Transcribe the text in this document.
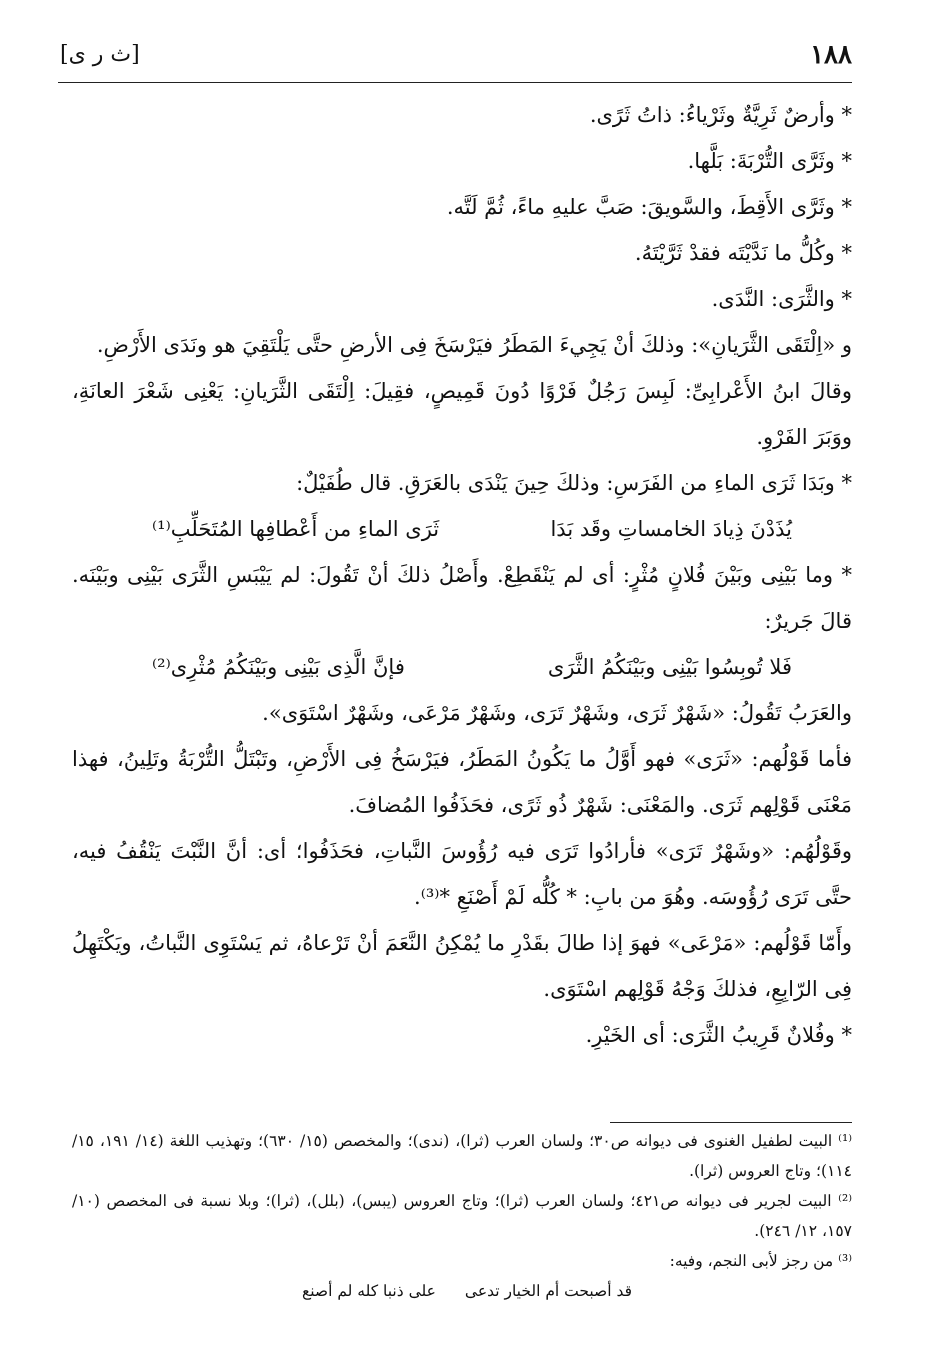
١٨٨
[ث ر ى]

* وأرضٌ ثَرِيَّةٌ وثَرْياءُ: ذاتُ ثَرًى.

* وثَرَّى التُّرْبَةَ: بَلَّها.

* وثَرَّى الأَقِطَ، والسَّويقَ: صَبَّ عليهِ ماءً، ثُمَّ لَتَّه.

* وكُلُّ ما نَدَّيْتَه فقدْ ثَرَّيْتَهُ.

* والثَّرَى: النَّدَى.

و «اِلْتَقَى الثَّرَيانِ»: وذلكَ أنْ يَجِيءَ المَطَرُ فيَرْسَخَ فِى الأرضِ حتَّى يَلْتَقِيَ هو ونَدَى الأَرْضِ.

وقالَ ابنُ الأَعْرابِىِّ: لَبِسَ رَجُلٌ فَرْوًا دُونَ قَمِيصٍ، فقِيلَ: اِلْتَقَى الثَّرَيانِ: يَعْنِى شَعْرَ العانَةِ، ووَبَرَ الفَرْوِ.

* وبَدَا ثَرَى الماءِ من الفَرَسِ: وذلكَ حِينَ يَنْدَى بالعَرَقِ. قال طُفَيْلٌ:

يُذَدْنَ ذِيادَ الخامساتِ وقَد بَدَا
ثَرَى الماءِ من أَعْطافِها المُتَحَلِّبِ⁽¹⁾

* وما بَيْنِى وبَيْنَ فُلانٍ مُثْرٍ: أى لم يَنْقَطِعْ. وأَصْلُ ذلكَ أنْ تَقُولَ: لم يَيْبَسِ الثَّرَى بَيْنِى وبَيْنَه. قالَ جَريرٌ:

فَلا تُوبِسُوا بَيْنِى وبَيْنَكُمُ الثَّرَى
فإنَّ الَّذِى بَيْنِى وبَيْنَكُمُ مُثْرِى⁽²⁾

والعَرَبُ تَقُولُ: «شَهْرٌ ثَرَى، وشَهْرٌ تَرَى، وشَهْرٌ مَرْعَى، وشَهْرٌ اسْتَوَى».

فأما قَوْلُهم: «ثَرَى» فهو أَوَّلُ ما يَكُونُ المَطَرُ، فيَرْسَخُ فِى الأَرْضِ، وتَبْتَلُّ التُّرْبَةُ وتَلِينُ، فهذا مَعْنَى قَوْلِهم ثَرَى. والمَعْنَى: شَهْرٌ ذُو ثَرًى، فحَذَفُوا المُضافَ.

وقَوْلُهُم: «وشَهْرٌ تَرَى» فأرادُوا تَرَى فيه رُؤُوسَ النَّباتِ، فحَذَفُوا؛ أى: أنَّ النَّبْتَ يَنْقُفُ فيه، حتَّى تَرَى رُؤُوسَه. وهُوَ من بابِ: * كُلُّه لَمْ أَصْنَعِ *⁽³⁾.

وأَمّا قَوْلُهم: «مَرْعَى» فهوَ إذا طالَ بقَدْرِ ما يُمْكِنُ النَّعَمَ أنْ تَرْعاهُ، ثم يَسْتَوِى النَّباتُ، ويَكْتَهِلُ فِى الرّابِعِ، فذلكَ وَجْهُ قَوْلِهم اسْتَوَى.

* وفُلانٌ قَرِيبُ الثَّرَى: أى الخَيْرِ.

⁽¹⁾ البيت لطفيل الغنوى فى ديوانه ص٣٠؛ ولسان العرب (ثرا)، (ندى)؛ والمخصص (١٥/ ٦٣٠)؛ وتهذيب اللغة (١٤/ ١٩١، ١٥/ ١١٤)؛ وتاج العروس (ثرا).

⁽²⁾ البيت لجرير فى ديوانه ص٤٢١؛ ولسان العرب (ثرا)؛ وتاج العروس (يبس)، (بلل)، (ثرا)؛ وبلا نسبة فى المخصص (١٠/ ١٥٧، ١٢/ ٢٤٦).

⁽³⁾ من رجز لأبى النجم، وفيه:

قد أصبحت أم الخيار تدعى
على ذنبا كله لم أصنع
